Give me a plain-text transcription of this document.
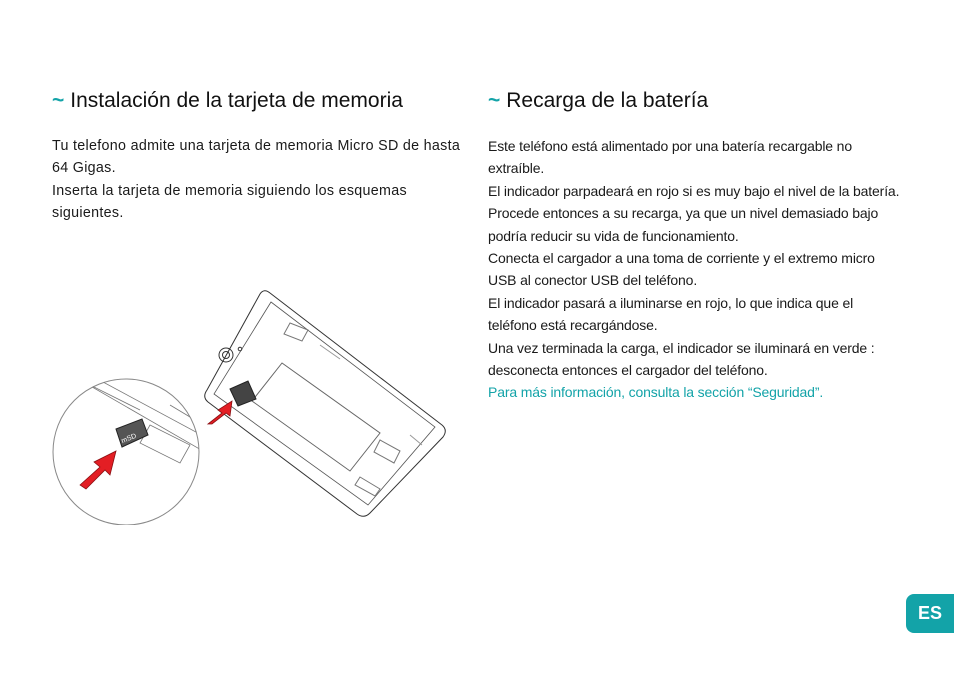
~ Instalación de la tarjeta de memoria

Tu telefono admite una tarjeta de memoria Micro SD de hasta 64 Gigas.

Inserta la tarjeta de memoria siguiendo los esquemas siguientes.

~ Recarga de la batería

Este teléfono está alimentado por una batería recargable no extraíble.

El indicador parpadeará en rojo si es muy bajo el nivel de la batería. Procede entonces a su recarga, ya que un nivel demasiado bajo podría reducir su vida de funcionamiento.

Conecta el cargador a una toma de corriente y el extremo micro USB al conector USB del teléfono.

El indicador pasará a iluminarse en rojo, lo que indica que el teléfono está recargándose.

Una vez terminada la carga, el indicador se iluminará en verde : desconecta entonces el cargador del teléfono.

Para más información, consulta la sección “Seguridad”.

mSD
ES
